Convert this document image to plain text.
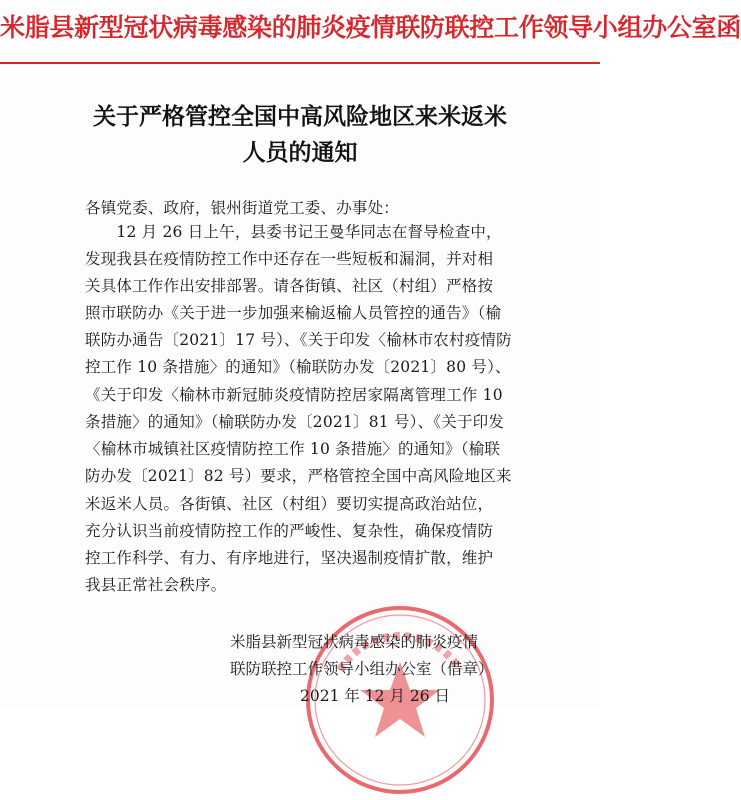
米脂县新型冠状病毒感染的肺炎疫情联防联控工作领导小组办公室函
关于严格管控全国中高风险地区来米返米
人员的通知
各镇党委、政府，银州街道党工委、办事处：
　　12 月 26 日上午，县委书记王曼华同志在督导检查中，
发现我县在疫情防控工作中还存在一些短板和漏洞，并对相
关具体工作作出安排部署。请各街镇、社区（村组）严格按
照市联防办《关于进一步加强来榆返榆人员管控的通告》（榆
联防办通告〔2021〕17 号）、《关于印发〈榆林市农村疫情防
控工作 10 条措施〉的通知》（榆联防办发〔2021〕80 号）、
《关于印发〈榆林市新冠肺炎疫情防控居家隔离管理工作 10
条措施〉的通知》（榆联防办发〔2021〕81 号）、《关于印发
〈榆林市城镇社区疫情防控工作 10 条措施〉的通知》（榆联
防办发〔2021〕82 号）要求，严格管控全国中高风险地区来
米返米人员。各街镇、社区（村组）要切实提高政治站位，
充分认识当前疫情防控工作的严峻性、复杂性，确保疫情防
控工作科学、有力、有序地进行，坚决遏制疫情扩散，维护
我县正常社会秩序。
米脂县新型冠状病毒感染的肺炎疫情
联防联控工作领导小组办公室（借章）
2021 年 12 月 26 日
